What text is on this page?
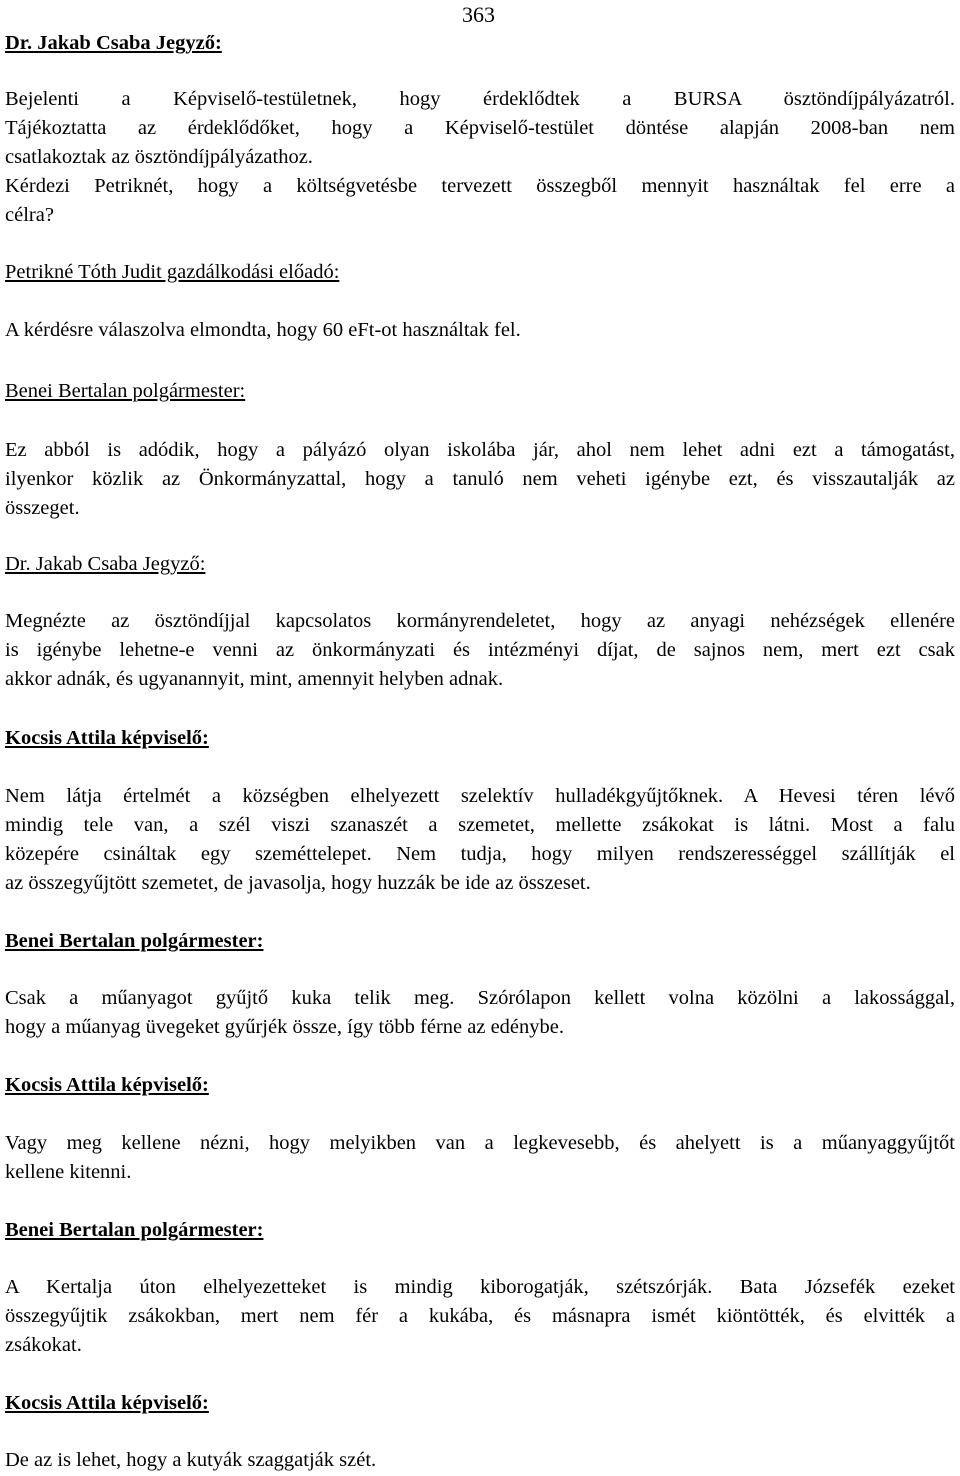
363
Dr. Jakab Csaba Jegyző:
Bejelenti a Képviselő-testületnek, hogy érdeklődtek a BURSA ösztöndíjpályázatról.
Tájékoztatta az érdeklődőket, hogy a Képviselő-testület döntése alapján 2008-ban nem
csatlakoztak az ösztöndíjpályázathoz.
Kérdezi Petriknét, hogy a költségvetésbe tervezett összegből mennyit használtak fel erre a
célra?
Petrikné Tóth Judit gazdálkodási előadó:
A kérdésre válaszolva elmondta, hogy 60 eFt-ot használtak fel.
Benei Bertalan polgármester:
Ez abból is adódik, hogy a pályázó olyan iskolába jár, ahol nem lehet adni ezt a támogatást,
ilyenkor közlik az Önkormányzattal, hogy a tanuló nem veheti igénybe ezt, és visszautalják az
összeget.
Dr. Jakab Csaba Jegyző:
Megnézte az ösztöndíjjal kapcsolatos kormányrendeletet, hogy az anyagi nehézségek ellenére
is igénybe lehetne-e venni az önkormányzati és intézményi díjat, de sajnos nem, mert ezt csak
akkor adnák, és ugyanannyit, mint, amennyit helyben adnak.
Kocsis Attila képviselő:
Nem látja értelmét a községben elhelyezett szelektív hulladékgyűjtőknek. A Hevesi téren lévő
mindig tele van, a szél viszi szanaszét a szemetet, mellette zsákokat is látni. Most a falu
közepére csináltak egy szeméttelepet. Nem tudja, hogy milyen rendszerességgel szállítják el
az összegyűjtött szemetet, de javasolja, hogy huzzák be ide az összeset.
Benei Bertalan polgármester:
Csak a műanyagot gyűjtő kuka telik meg. Szórólapon kellett volna közölni a lakossággal,
hogy a műanyag üvegeket gyűrjék össze, így több férne az edénybe.
Kocsis Attila képviselő:
Vagy meg kellene nézni, hogy melyikben van a legkevesebb, és ahelyett is a műanyaggyűjtőt
kellene kitenni.
Benei Bertalan polgármester:
A Kertalja úton elhelyezetteket is mindig kiborogatják, szétszórják. Bata Józsefék ezeket
összegyűjtik zsákokban, mert nem fér a kukába, és másnapra ismét kiöntötték, és elvitték a
zsákokat.
Kocsis Attila képviselő:
De az is lehet, hogy a kutyák szaggatják szét.
